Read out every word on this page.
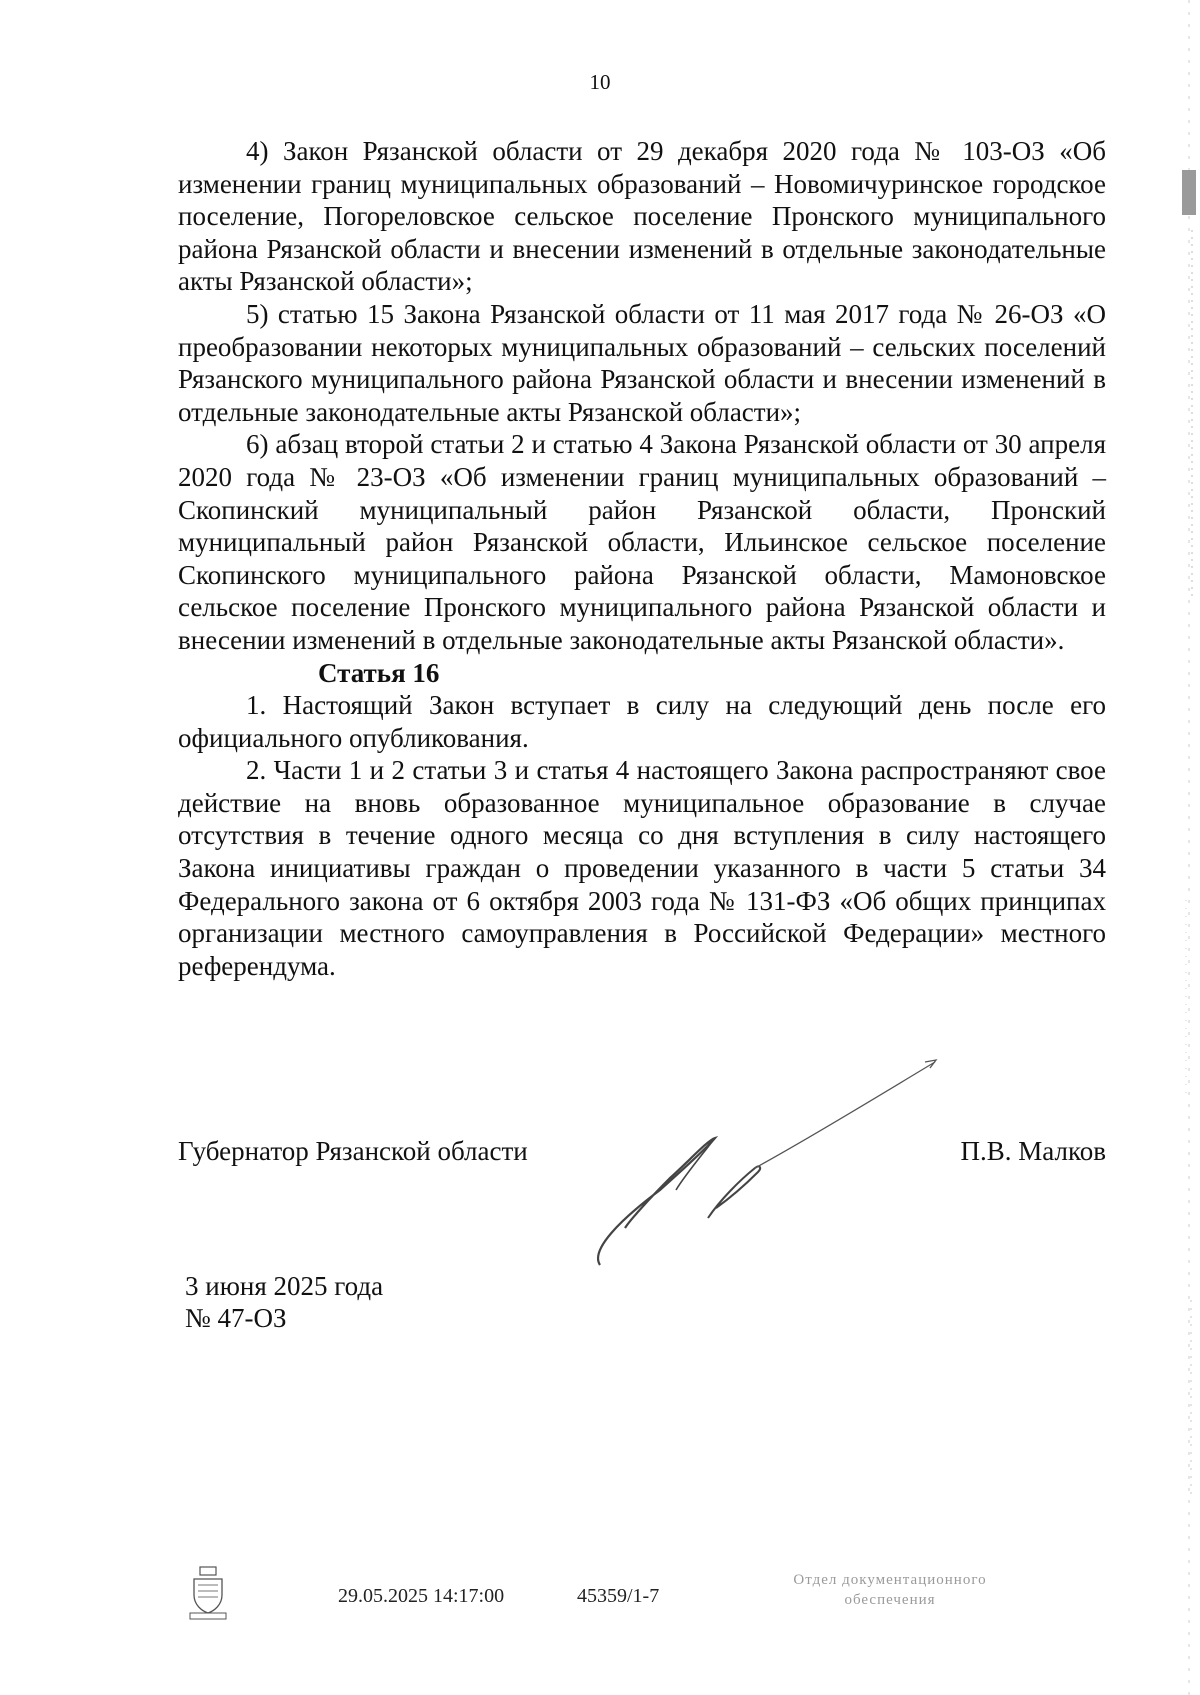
10

4) Закон Рязанской области от 29 декабря 2020 года № 103-ОЗ «Об изменении границ муниципальных образований – Новомичуринское городское поселение, Погореловское сельское поселение Пронского муниципального района Рязанской области и внесении изменений в отдельные законодательные акты Рязанской области»;

5) статью 15 Закона Рязанской области от 11 мая 2017 года № 26-ОЗ «О преобразовании некоторых муниципальных образований – сельских поселений Рязанского муниципального района Рязанской области и внесении изменений в отдельные законодательные акты Рязанской области»;

6) абзац второй статьи 2 и статью 4 Закона Рязанской области от 30 апреля 2020 года № 23-ОЗ «Об изменении границ муниципальных образований – Скопинский муниципальный район Рязанской области, Пронский муниципальный район Рязанской области, Ильинское сельское поселение Скопинского муниципального района Рязанской области, Мамоновское сельское поселение Пронского муниципального района Рязанской области и внесении изменений в отдельные законодательные акты Рязанской области».

Статья 16

1. Настоящий Закон вступает в силу на следующий день после его официального опубликования.

2. Части 1 и 2 статьи 3 и статья 4 настоящего Закона распространяют свое действие на вновь образованное муниципальное образование в случае отсутствия в течение одного месяца со дня вступления в силу настоящего Закона инициативы граждан о проведении указанного в части 5 статьи 34 Федерального закона от 6 октября 2003 года № 131-ФЗ «Об общих принципах организации местного самоуправления в Российской Федерации» местного референдума.

Губернатор Рязанской области	П.В. Малков
3 июня 2025 года
№ 47-ОЗ
29.05.2025 14:17:00	45359/1-7
Отдел документационного
обеспечения
